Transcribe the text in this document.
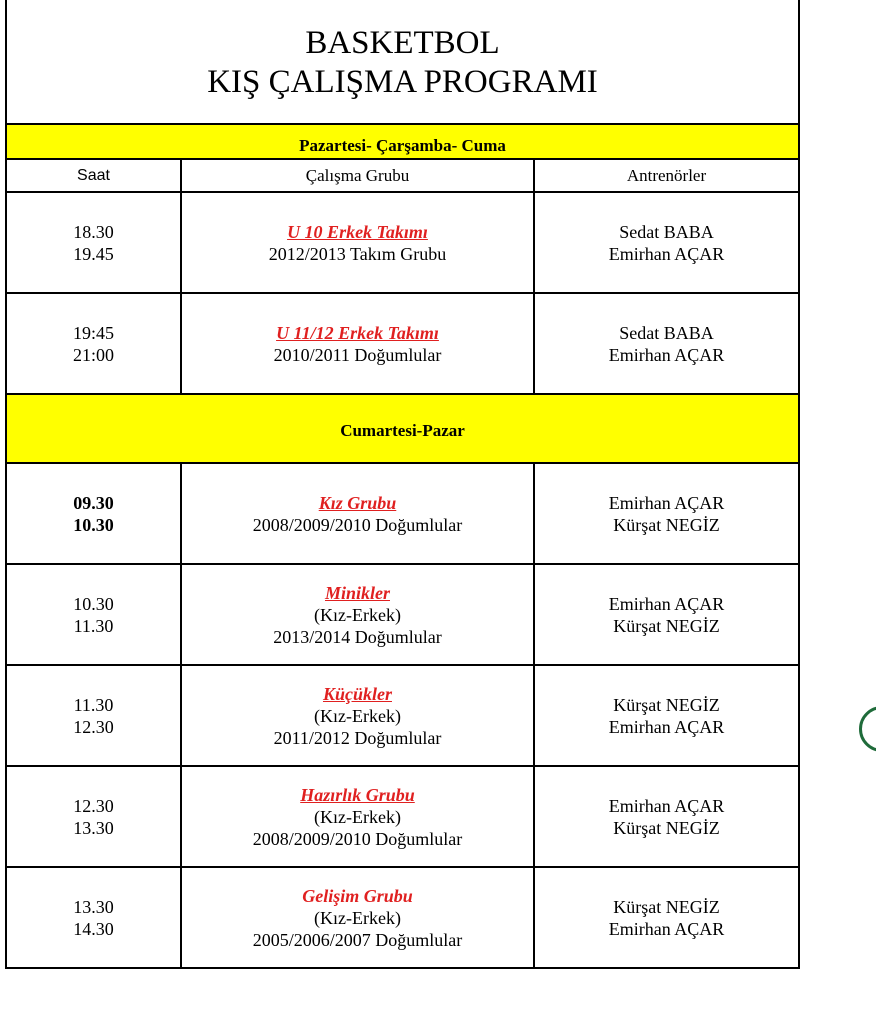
BASKETBOL
KIŞ ÇALIŞMA PROGRAMI
Pazartesi- Çarşamba- Cuma
Saat	Çalışma Grubu	Antrenörler
18.30
19.45
U 10 Erkek Takımı
2012/2013 Takım Grubu
Sedat BABA
Emirhan AÇAR
19:45
21:00
U 11/12 Erkek Takımı
2010/2011 Doğumlular
Sedat BABA
Emirhan AÇAR
Cumartesi-Pazar
09.30
10.30
Kız Grubu
2008/2009/2010 Doğumlular
Emirhan AÇAR
Kürşat NEGİZ
10.30
11.30
Minikler
(Kız-Erkek)
2013/2014 Doğumlular
Emirhan AÇAR
Kürşat NEGİZ
11.30
12.30
Küçükler
(Kız-Erkek)
2011/2012 Doğumlular
Kürşat NEGİZ
Emirhan AÇAR
12.30
13.30
Hazırlık Grubu
(Kız-Erkek)
2008/2009/2010 Doğumlular
Emirhan AÇAR
Kürşat NEGİZ
13.30
14.30
Gelişim Grubu
(Kız-Erkek)
2005/2006/2007 Doğumlular
Kürşat NEGİZ
Emirhan AÇAR
